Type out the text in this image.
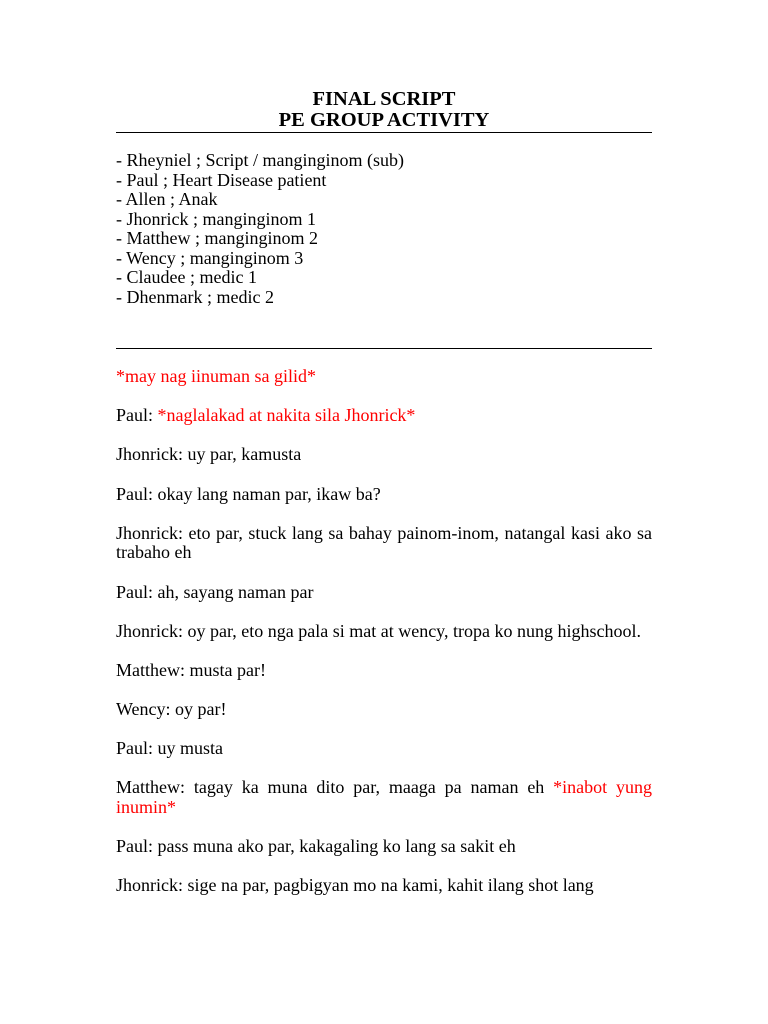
FINAL SCRIPT
PE GROUP ACTIVITY
- Rheyniel ; Script / manginginom (sub)
- Paul ; Heart Disease patient
- Allen ; Anak
- Jhonrick ; manginginom 1
- Matthew ; manginginom 2
- Wency ; manginginom 3
- Claudee ; medic 1
- Dhenmark ; medic 2

*may nag iinuman sa gilid*

Paul: *naglalakad at nakita sila Jhonrick*

Jhonrick: uy par, kamusta

Paul: okay lang naman par, ikaw ba?

Jhonrick: eto par, stuck lang sa bahay painom-inom, natangal kasi ako sa trabaho eh

Paul: ah, sayang naman par

Jhonrick: oy par, eto nga pala si mat at wency, tropa ko nung highschool.

Matthew: musta par!

Wency: oy par!

Paul: uy musta

Matthew: tagay ka muna dito par, maaga pa naman eh *inabot yung inumin*

Paul: pass muna ako par, kakagaling ko lang sa sakit eh

Jhonrick: sige na par, pagbigyan mo na kami, kahit ilang shot lang
